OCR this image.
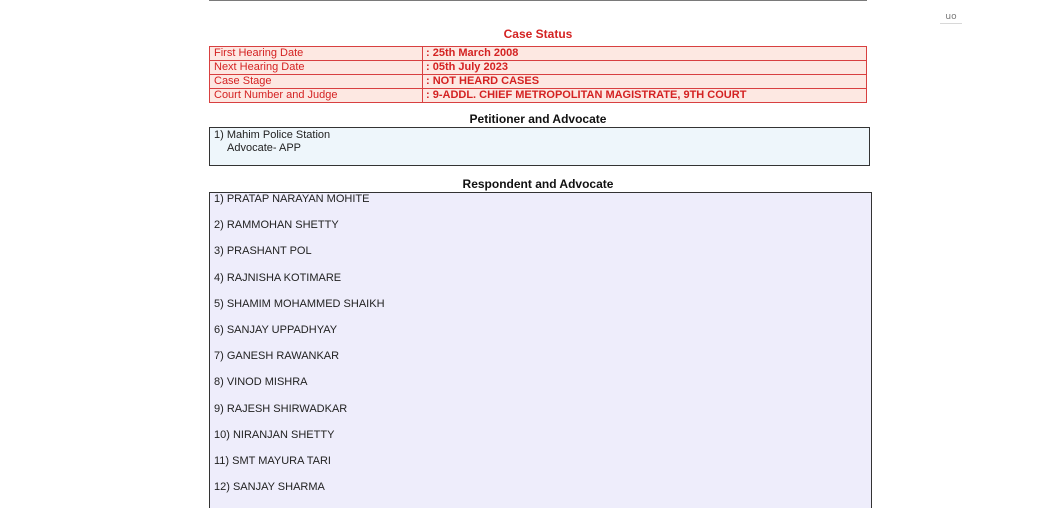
uo
Case Status
First Hearing Date	: 25th March 2008
Next Hearing Date	: 05th July 2023
Case Stage	: NOT HEARD CASES
Court Number and Judge	: 9-ADDL. CHIEF METROPOLITAN MAGISTRATE, 9TH COURT
Petitioner and Advocate
1) Mahim Police Station
Advocate- APP
Respondent and Advocate
1) PRATAP NARAYAN MOHITE
2) RAMMOHAN SHETTY
3) PRASHANT POL
4) RAJNISHA KOTIMARE
5) SHAMIM MOHAMMED SHAIKH
6) SANJAY UPPADHYAY
7) GANESH RAWANKAR
8) VINOD MISHRA
9) RAJESH SHIRWADKAR
10) NIRANJAN SHETTY
11) SMT MAYURA TARI
12) SANJAY SHARMA
